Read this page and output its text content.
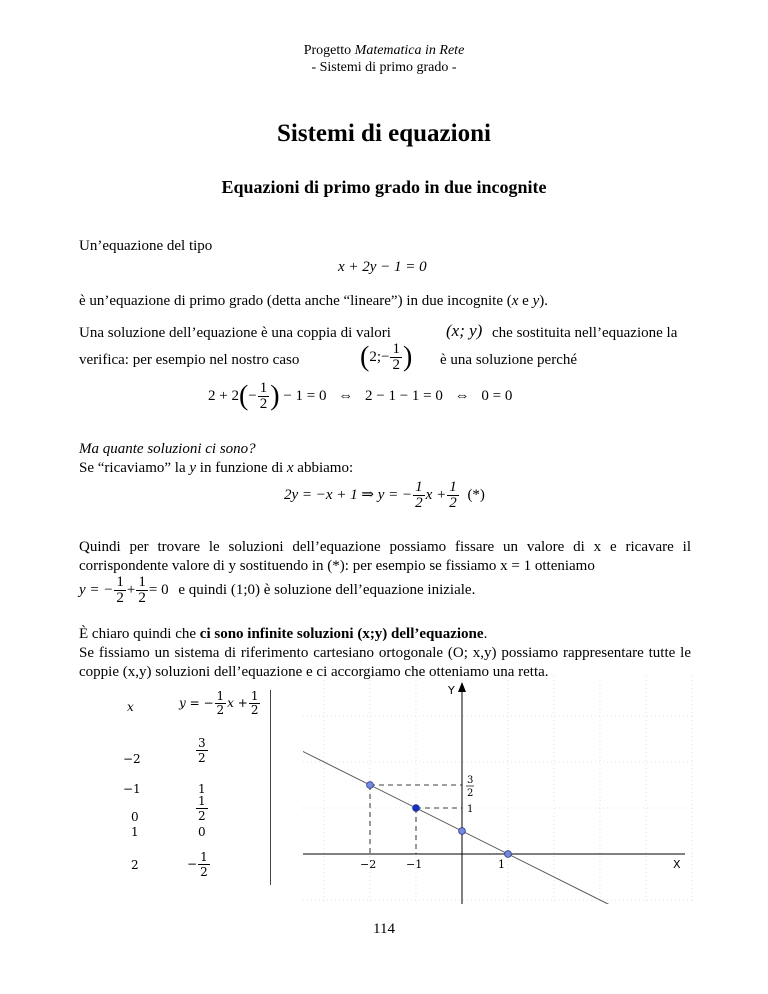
Progetto Matematica in Rete
- Sistemi di primo grado -
Sistemi di equazioni
Equazioni di primo grado in due incognite
Un’equazione del tipo
x + 2y − 1 = 0
è un’equazione di primo grado (detta anche “lineare”) in due incognite (x e y).
Una soluzione dell’equazione è una coppia di valori	(x; y) che sostituita nell’equazione la
verifica: per esempio nel nostro caso (2;− $\frac{1}{2}$ ) è una soluzione perché
$2 + 2(- \frac{1}{2}$ ) − 1 = 0 ⇔ 2 − 1 − 1 = 0 ⇔ 0 = 0
Ma quante soluzioni ci sono?
Se “ricaviamo” la y in funzione di x abbiamo:
2y = −x + 1 ⇒ y = − $\frac{1}{2}$ $x + \frac{1}{2}$ (*)
Quindi per trovare le soluzioni dell’equazione possiamo fissare un valore di x e ricavare il corrispondente valore di y sostituendo in (*): per esempio se fissiamo x = 1 otteniamo
y = − $\frac{1}{2} + \frac{1}{2} = 0$ e quindi (1;0) è soluzione dell’equazione iniziale.
È chiaro quindi che ci sono infinite soluzioni (x;y) dell’equazione.
Se fissiamo un sistema di riferimento cartesiano ortogonale (O; x,y) possiamo rappresentare tutte le coppie (x,y) soluzioni dell’equazione e ci accorgiamo che otteniamo una retta.
x	y = − $\frac{1}{2}$ $x + \frac{1}{2}$
−2	$\frac{3}{2}$
−1	1
0	$\frac{1}{2}$
1	0
2	− $\frac{1}{2}$	X
Y
−2	−1	1
3
2
1
114
